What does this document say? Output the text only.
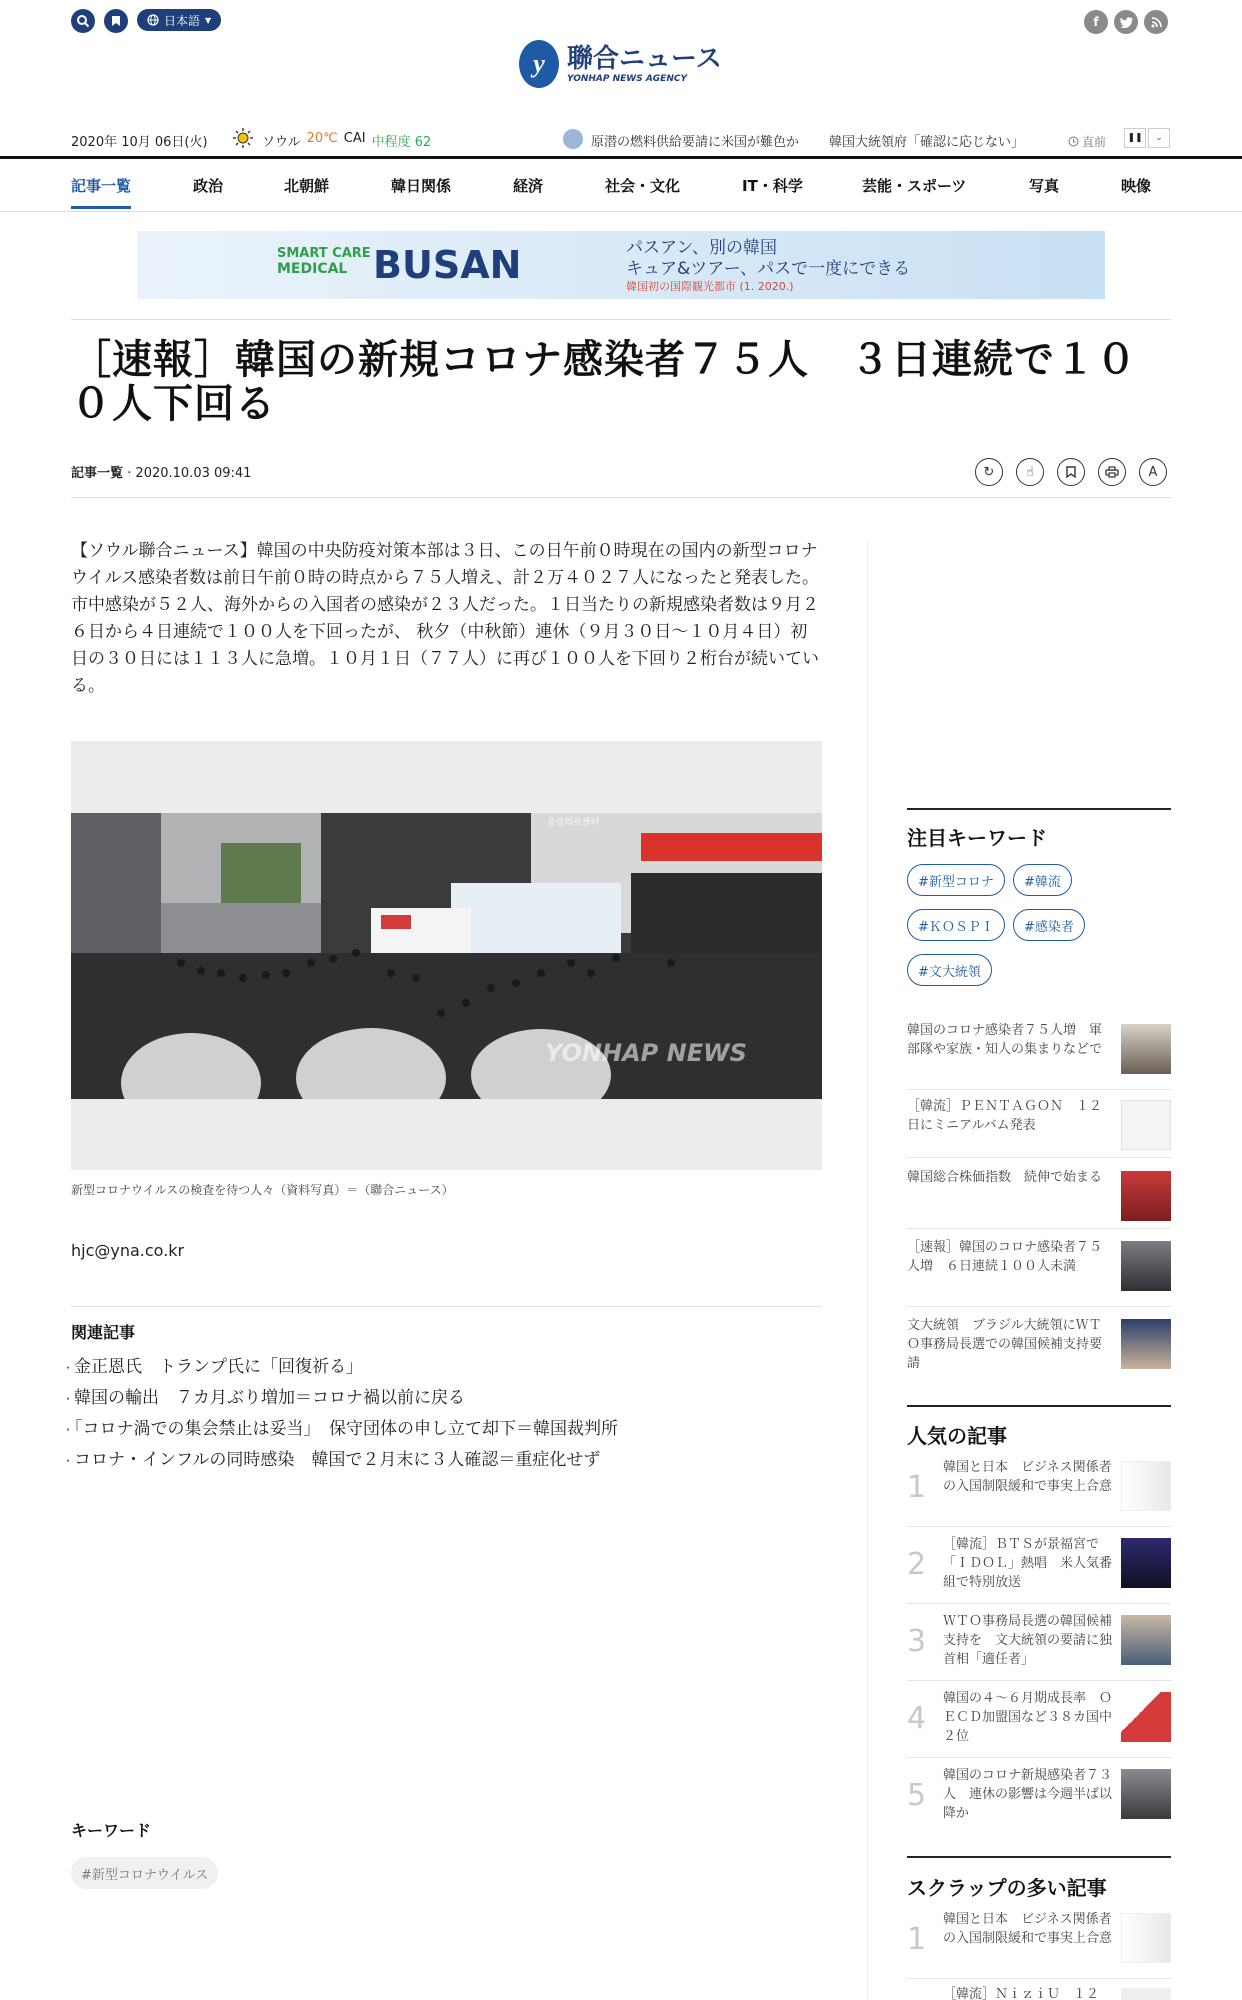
日本語 ▼
y 聯合ニュース
YONHAP NEWS AGENCY
f
2020年 10月 06日(火)	ソウル 20℃ CAI 中程度 62	原潜の燃料供給要請に米国が難色か 韓国大統領府「確認に応じない」	直前 ❚❚ ⌄
記事一覧	政治	北朝鮮	韓日関係	経済	社会・文化	IT・科学	芸能・スポーツ	写真	映像
SMART CARE
MEDICAL BUSAN	パスアン、別の韓国
キュア&ツアー、パスで一度にできる
韓国初の国際観光都市 (1. 2020.)
［速報］韓国の新規コロナ感染者７５人　３日連続で１００人下回る
記事一覧 · 2020.10.03 09:41	↻ ☝	A
【ソウル聯合ニュース】韓国の中央防疫対策本部は３日、この日午前０時現在の国内の新型コロナウイルス感染者数は前日午前０時の時点から７５人増え、計２万４０２７人になったと発表した。市中感染が５２人、海外からの入国者の感染が２３人だった。１日当たりの新規感染者数は９月２６日から４日連続で１００人を下回ったが、 秋夕（中秋節）連休（９月３０日～１０月４日）初日の３０日には１１３人に急増。１０月１日（７７人）に再び１００人を下回り２桁台が続いている。
응급의료센터
YONHAP NEWS
新型コロナウイルスの検査を待つ人々（資料写真）＝（聯合ニュース）
hjc@yna.co.kr
関連記事
・ 金正恩氏　トランプ氏に「回復祈る」
・ 韓国の輸出　７カ月ぶり増加＝コロナ禍以前に戻る
・ 「コロナ渦での集会禁止は妥当」　保守団体の申し立て却下＝韓国裁判所
・ コロナ・インフルの同時感染　韓国で２月末に３人確認＝重症化せず
キーワード
#新型コロナウイルス
注目キーワード
#新型コロナ	#韓流
#ＫＯＳＰＩ	#感染者
#文大統領
韓国のコロナ感染者７５人増　軍部隊や家族・知人の集まりなどで
［韓流］ＰＥＮＴＡＧＯＮ　１２日にミニアルバム発表
韓国総合株価指数　続伸で始まる
［速報］韓国のコロナ感染者７５人増　６日連続１００人未満
文大統領　ブラジル大統領にＷＴＯ事務局長選での韓国候補支持要請
人気の記事
1
韓国と日本　ビジネス関係者の入国制限緩和で事実上合意
2
［韓流］ＢＴＳが景福宮で「ＩＤＯＬ」熱唱　米人気番組で特別放送
3
ＷＴＯ事務局長選の韓国候補支持を　文大統領の要請に独首相「適任者」
4
韓国の４～６月期成長率　ＯＥＣＤ加盟国など３８カ国中２位
5
韓国のコロナ新規感染者７３人　連休の影響は今週半ば以降か
スクラップの多い記事
1
韓国と日本　ビジネス関係者の入国制限緩和で事実上合意
［韓流］ＮｉｚｉＵ　１２
